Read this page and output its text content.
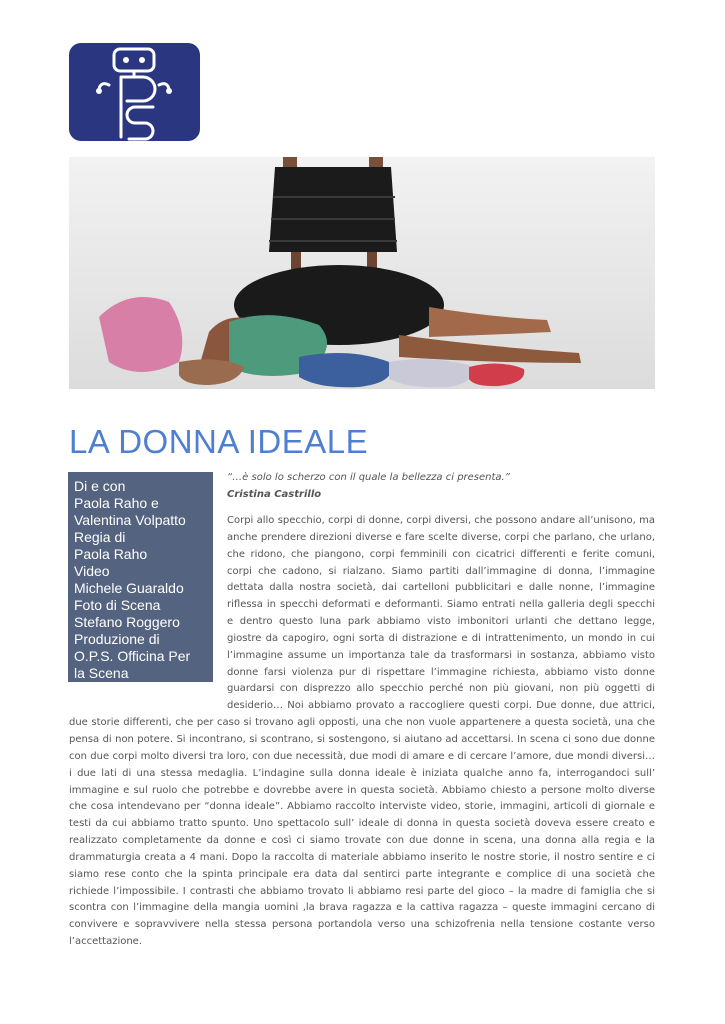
LA DONNA IDEALE
Di e con
Paola Raho e
Valentina Volpatto
Regia di
Paola Raho
Video
Michele Guaraldo
Foto di Scena
Stefano Roggero
Produzione di
O.P.S. Officina Per
la Scena
“…è solo lo scherzo con il quale la bellezza ci presenta.”
Cristina Castrillo
Corpi allo specchio, corpi di donne, corpi diversi, che possono andare all’unisono, ma anche prendere direzioni diverse e fare scelte diverse, corpi che parlano, che urlano, che ridono, che piangono, corpi femminili con cicatrici differenti e ferite comuni, corpi che cadono, si rialzano. Siamo partiti dall’immagine di donna, l’immagine dettata dalla nostra società, dai cartelloni pubblicitari e dalle nonne, l’immagine riflessa in specchi deformati e deformanti. Siamo entrati nella galleria degli specchi e dentro questo luna park abbiamo visto imbonitori urlanti che dettano legge, giostre da capogiro, ogni sorta di distrazione e di intrattenimento, un mondo in cui l’immagine assume un importanza tale da trasformarsi in sostanza, abbiamo visto donne farsi violenza pur di rispettare l’immagine richiesta, abbiamo visto donne guardarsi con disprezzo allo specchio perché non più giovani, non più oggetti di desiderio… Noi abbiamo provato a raccogliere questi corpi. Due donne, due attrici, due storie differenti, che per caso si trovano agli opposti, una che non vuole appartenere a questa società, una che pensa di non potere. Si incontrano, si scontrano, si sostengono, si aiutano ad accettarsi. In scena ci sono due donne con due corpi molto diversi tra loro, con due necessità, due modi di amare e di cercare l’amore, due mondi diversi… i due lati di una stessa medaglia. L’indagine sulla donna ideale è iniziata qualche anno fa, interrogandoci sull’ immagine e sul ruolo che potrebbe e dovrebbe avere in questa società. Abbiamo chiesto a persone molto diverse che cosa intendevano per “donna ideale”. Abbiamo raccolto interviste video, storie, immagini, articoli di giornale e testi da cui abbiamo tratto spunto. Uno spettacolo sull’ ideale di donna in questa società doveva essere creato e realizzato completamente da donne e così ci siamo trovate con due donne in scena, una donna alla regia e la drammaturgia creata a 4 mani. Dopo la raccolta di materiale abbiamo inserito le nostre storie, il nostro sentire e ci siamo rese conto che la spinta principale era data dal sentirci parte integrante e complice di una società che richiede l’impossibile. I contrasti che abbiamo trovato li abbiamo resi parte del gioco – la madre di famiglia che si scontra con l’immagine della mangia uomini ,la brava ragazza e la cattiva ragazza – queste immagini cercano di convivere e sopravvivere nella stessa persona portandola verso una schizofrenia nella tensione costante verso l’accettazione.
